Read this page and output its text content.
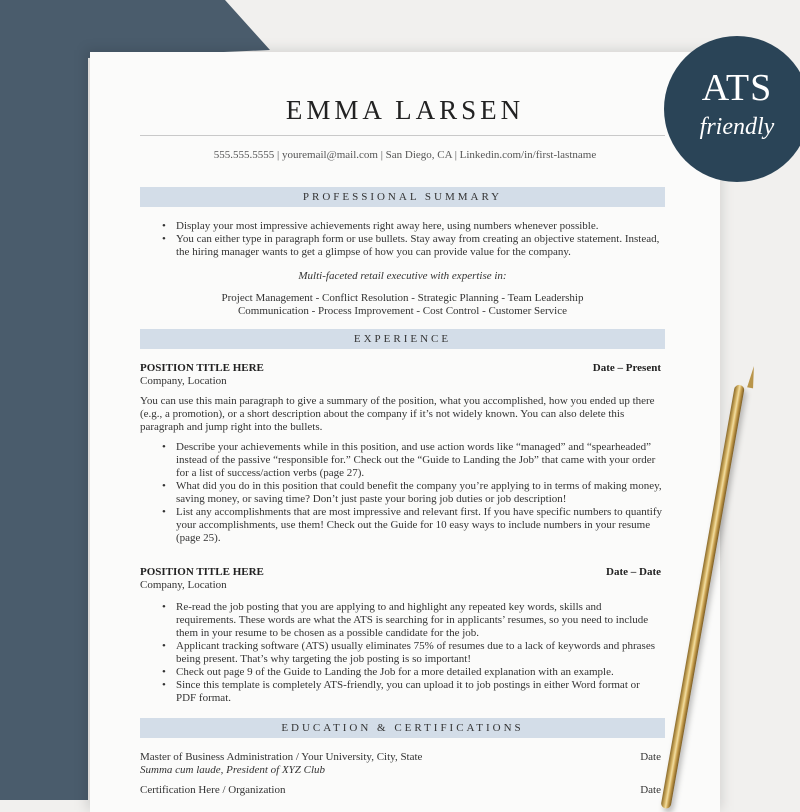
ATS
friendly
EMMA LARSEN
555.555.5555 | youremail@mail.com | San Diego, CA | Linkedin.com/in/first-lastname
PROFESSIONAL SUMMARY
• Display your most impressive achievements right away here, using numbers whenever possible.
• You can either type in paragraph form or use bullets. Stay away from creating an objective statement. Instead, the hiring manager wants to get a glimpse of how you can provide value for the company.
Multi-faceted retail executive with expertise in:
Project Management - Conflict Resolution - Strategic Planning - Team Leadership
Communication - Process Improvement - Cost Control - Customer Service
EXPERIENCE
POSITION TITLE HERE	Date – Present
Company, Location
You can use this main paragraph to give a summary of the position, what you accomplished, how you ended up there (e.g., a promotion), or a short description about the company if it’s not widely known. You can also delete this paragraph and jump right into the bullets.
• Describe your achievements while in this position, and use action words like “managed” and “spearheaded” instead of the passive “responsible for.” Check out the “Guide to Landing the Job” that came with your order for a list of success/action verbs (page 27).
• What did you do in this position that could benefit the company you’re applying to in terms of making money, saving money, or saving time? Don’t just paste your boring job duties or job description!
• List any accomplishments that are most impressive and relevant first. If you have specific numbers to quantify your accomplishments, use them! Check out the Guide for 10 easy ways to include numbers in your resume (page 25).
POSITION TITLE HERE	Date – Date
Company, Location
• Re-read the job posting that you are applying to and highlight any repeated key words, skills and requirements. These words are what the ATS is searching for in applicants’ resumes, so you need to include them in your resume to be chosen as a possible candidate for the job.
• Applicant tracking software (ATS) usually eliminates 75% of resumes due to a lack of keywords and phrases being present. That’s why targeting the job posting is so important!
• Check out page 9 of the Guide to Landing the Job for a more detailed explanation with an example.
• Since this template is completely ATS-friendly, you can upload it to job postings in either Word format or PDF format.
EDUCATION & CERTIFICATIONS
Master of Business Administration / Your University, City, State	Date
Summa cum laude, President of XYZ Club
Certification Here / Organization	Date
